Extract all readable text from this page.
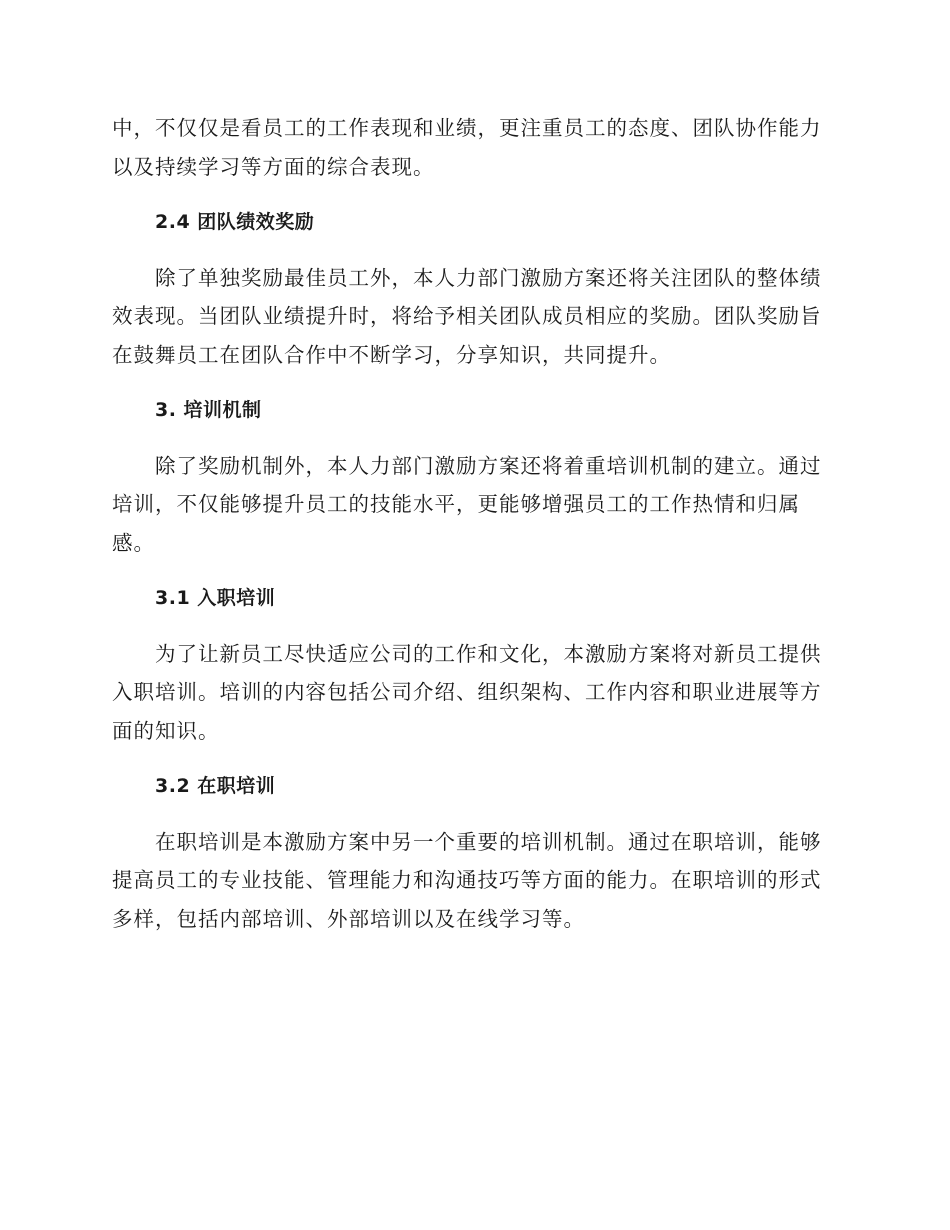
中，不仅仅是看员工的工作表现和业绩，更注重员工的态度、团队协作能力
以及持续学习等方面的综合表现。

2.4 团队绩效奖励

除了单独奖励最佳员工外，本人力部门激励方案还将关注团队的整体绩
效表现。当团队业绩提升时，将给予相关团队成员相应的奖励。团队奖励旨
在鼓舞员工在团队合作中不断学习，分享知识，共同提升。

3. 培训机制

除了奖励机制外，本人力部门激励方案还将着重培训机制的建立。通过
培训，不仅能够提升员工的技能水平，更能够增强员工的工作热情和归属
感。

3.1 入职培训

为了让新员工尽快适应公司的工作和文化，本激励方案将对新员工提供
入职培训。培训的内容包括公司介绍、组织架构、工作内容和职业进展等方
面的知识。

3.2 在职培训

在职培训是本激励方案中另一个重要的培训机制。通过在职培训，能够
提高员工的专业技能、管理能力和沟通技巧等方面的能力。在职培训的形式
多样，包括内部培训、外部培训以及在线学习等。
